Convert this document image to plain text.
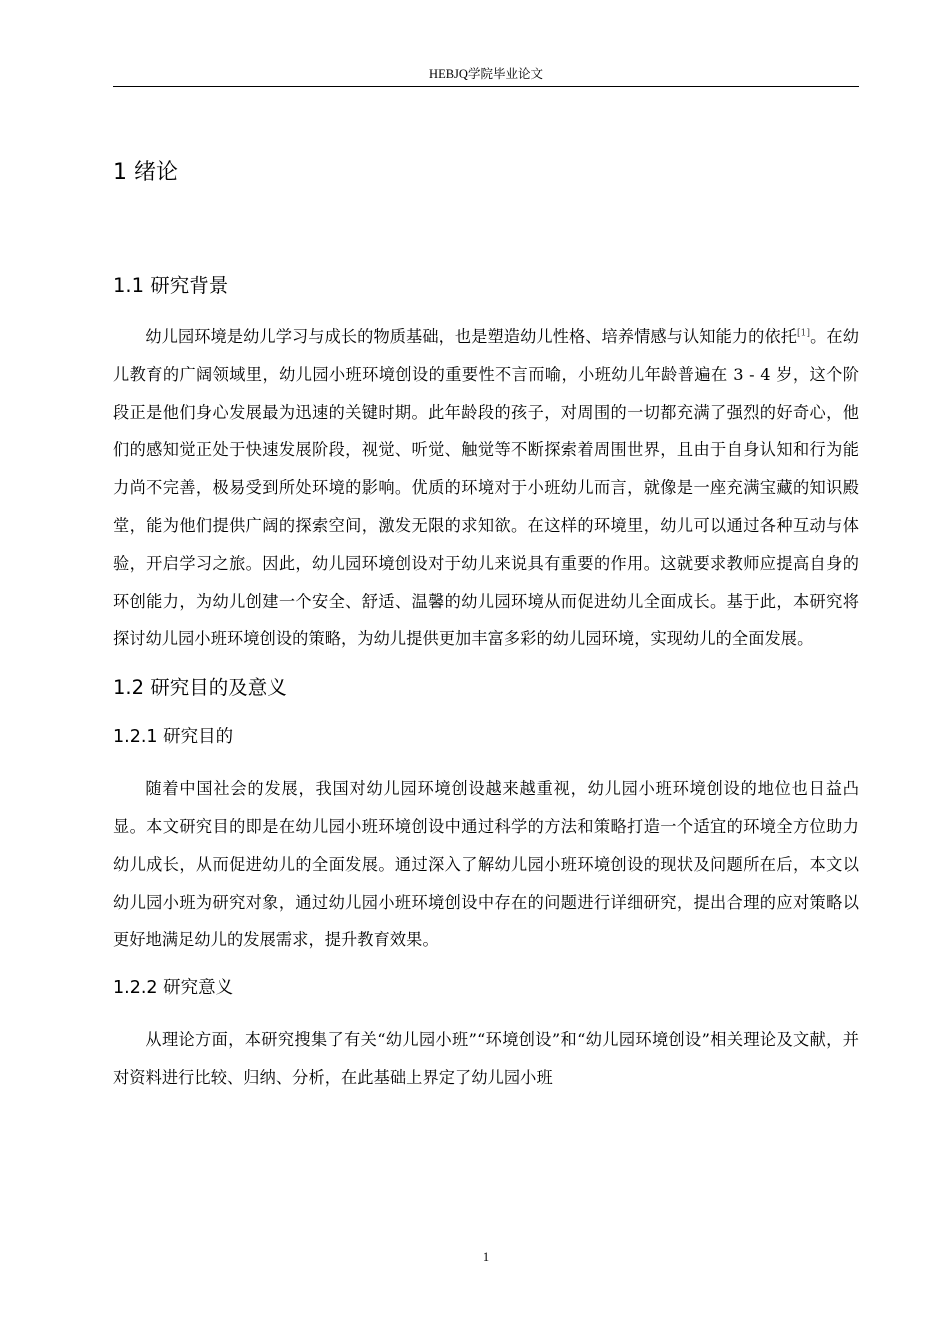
HEBJQ学院毕业论文
1 绪论
1.1 研究背景

幼儿园环境是幼儿学习与成长的物质基础，也是塑造幼儿性格、培养情感与认知能力的依托[1]。在幼儿教育的广阔领域里，幼儿园小班环境创设的重要性不言而喻，小班幼儿年龄普遍在 3 - 4 岁，这个阶段正是他们身心发展最为迅速的关键时期。此年龄段的孩子，对周围的一切都充满了强烈的好奇心，他们的感知觉正处于快速发展阶段，视觉、听觉、触觉等不断探索着周围世界，且由于自身认知和行为能力尚不完善，极易受到所处环境的影响。优质的环境对于小班幼儿而言，就像是一座充满宝藏的知识殿堂，能为他们提供广阔的探索空间，激发无限的求知欲。在这样的环境里，幼儿可以通过各种互动与体验，开启学习之旅。因此，幼儿园环境创设对于幼儿来说具有重要的作用。这就要求教师应提高自身的环创能力，为幼儿创建一个安全、舒适、温馨的幼儿园环境从而促进幼儿全面成长。基于此，本研究将探讨幼儿园小班环境创设的策略，为幼儿提供更加丰富多彩的幼儿园环境，实现幼儿的全面发展。

1.2 研究目的及意义
1.2.1 研究目的

随着中国社会的发展，我国对幼儿园环境创设越来越重视，幼儿园小班环境创设的地位也日益凸显。本文研究目的即是在幼儿园小班环境创设中通过科学的方法和策略打造一个适宜的环境全方位助力幼儿成长，从而促进幼儿的全面发展。通过深入了解幼儿园小班环境创设的现状及问题所在后，本文以幼儿园小班为研究对象，通过幼儿园小班环境创设中存在的问题进行详细研究，提出合理的应对策略以更好地满足幼儿的发展需求，提升教育效果。

1.2.2 研究意义

从理论方面，本研究搜集了有关“幼儿园小班”“环境创设”和“幼儿园环境创设”相关理论及文献，并对资料进行比较、归纳、分析，在此基础上界定了幼儿园小班

1
